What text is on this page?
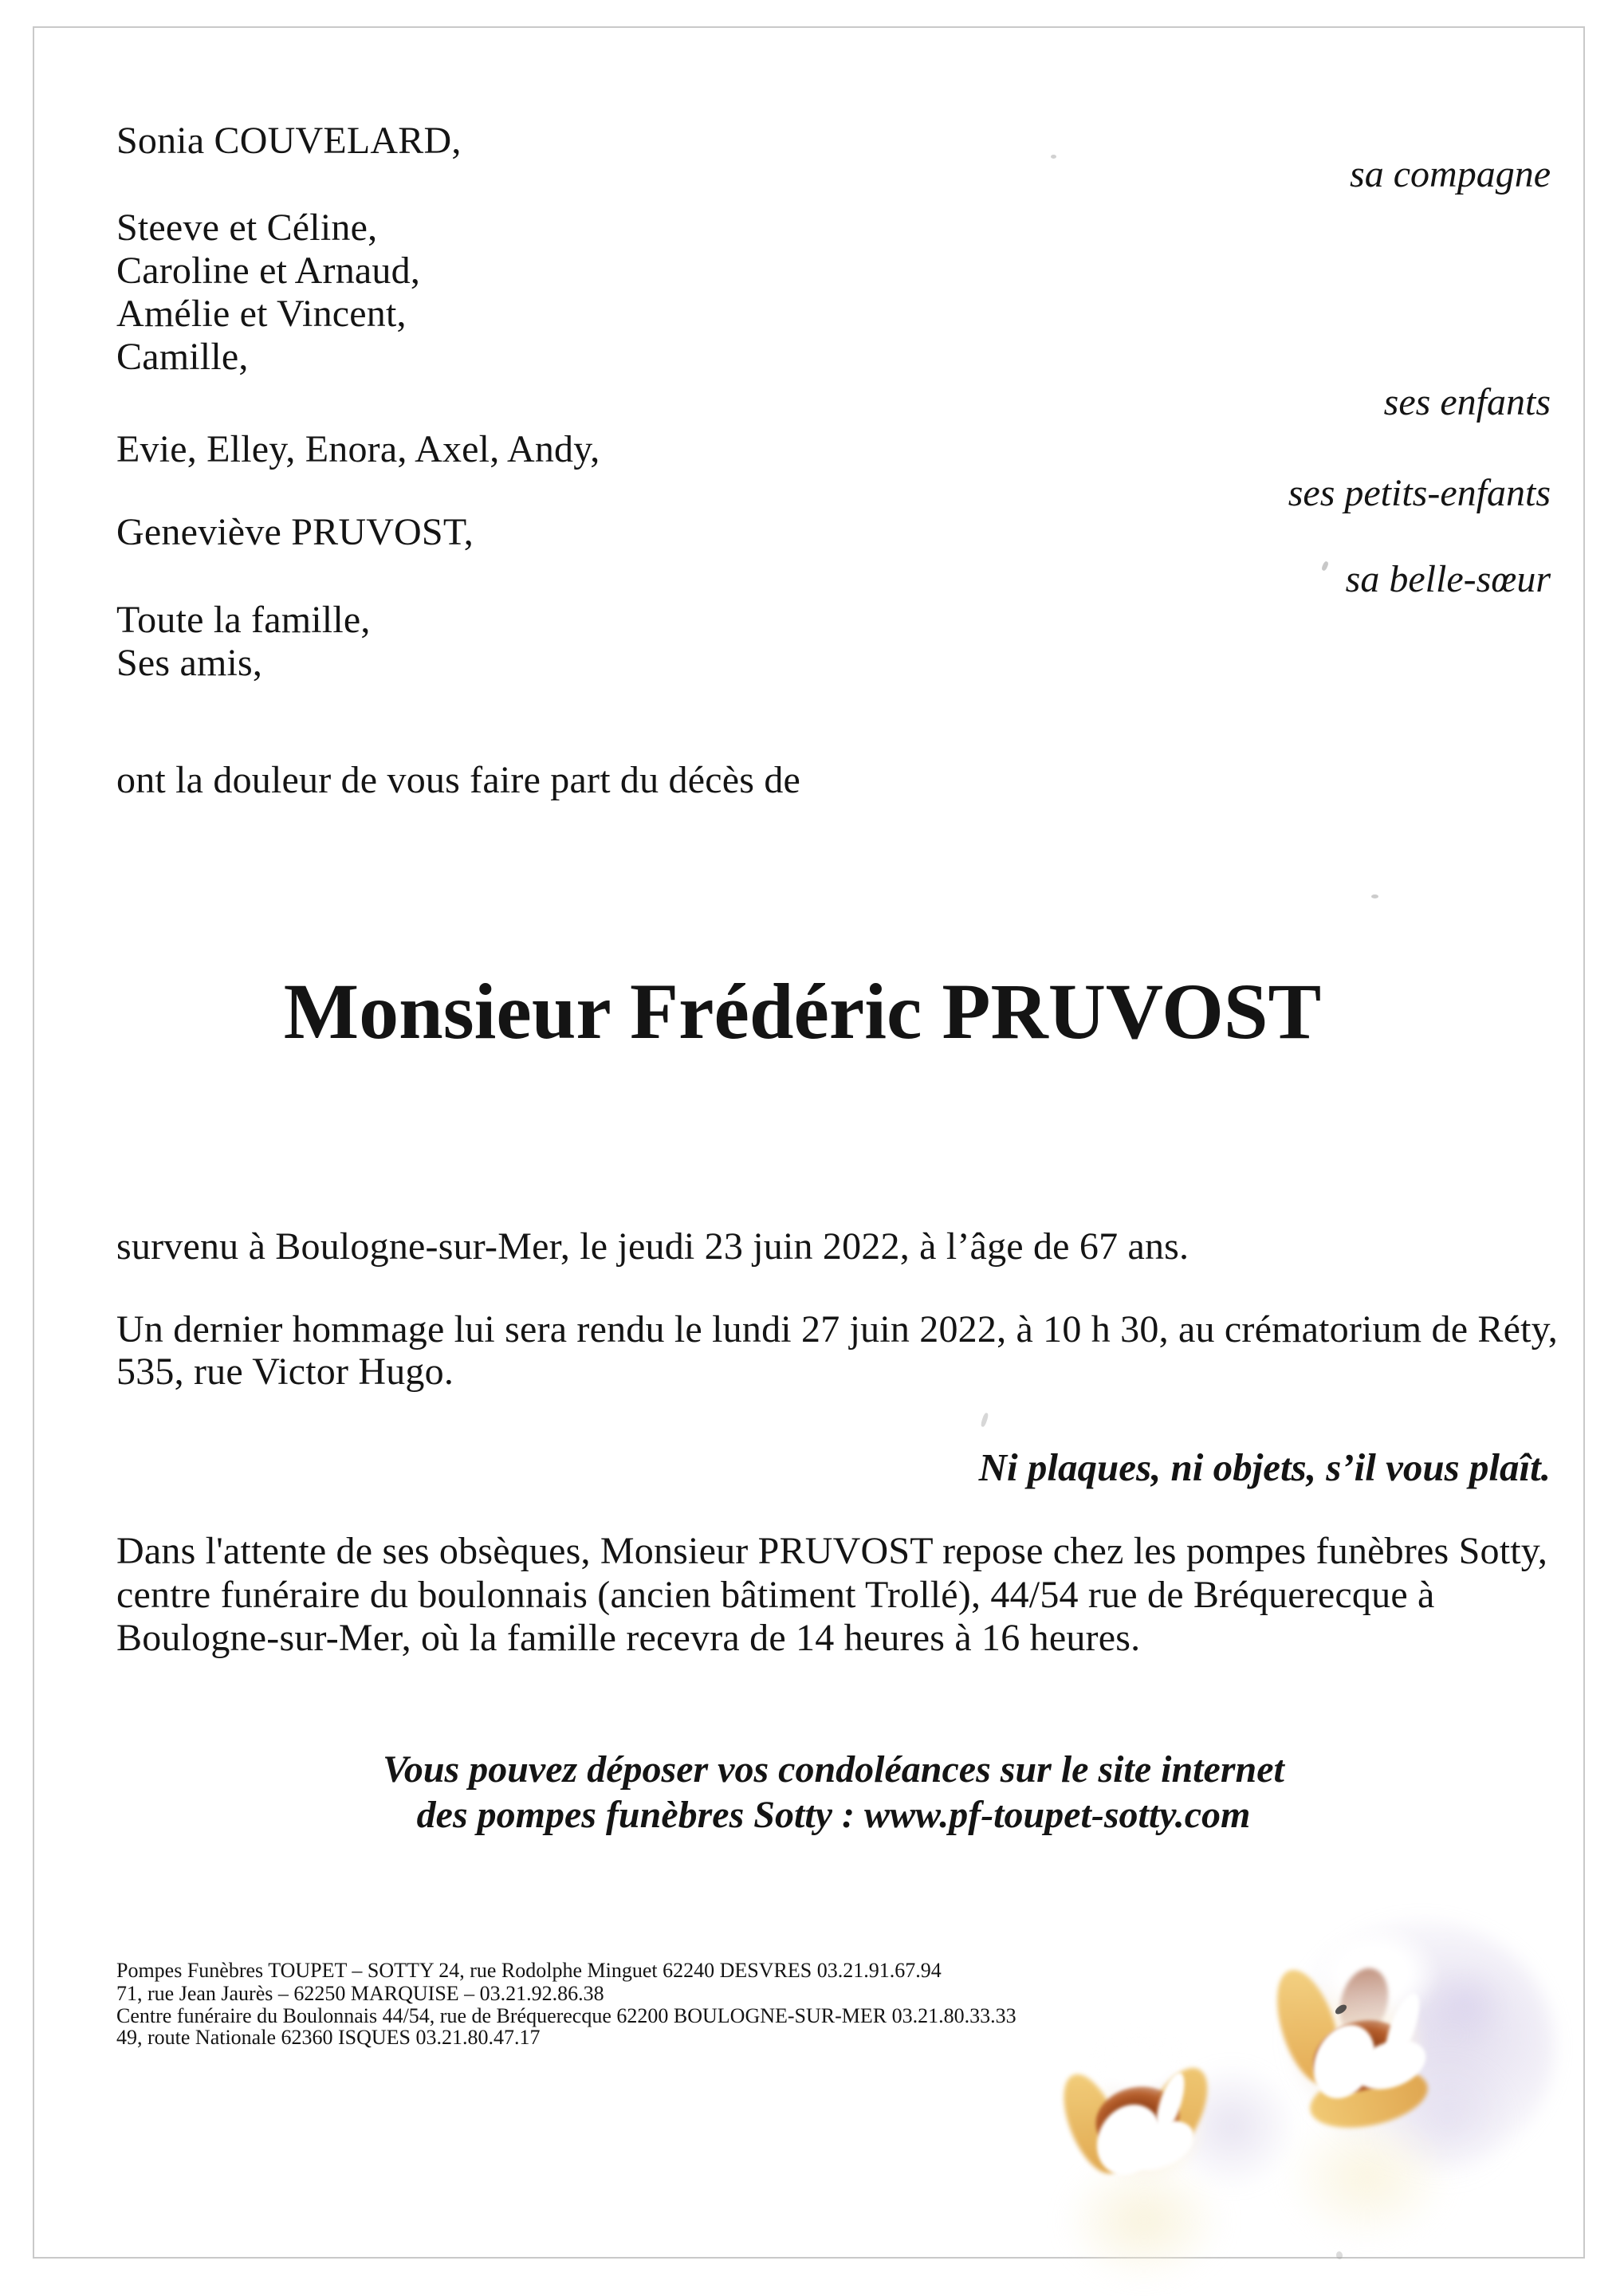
Sonia COUVELARD,
Steeve et Céline,
Caroline et Arnaud,
Amélie et Vincent,
Camille,
Evie, Elley, Enora, Axel, Andy,
Geneviève PRUVOST,
Toute la famille,
Ses amis,
sa compagne
ses enfants
ses petits-enfants
sa belle-sœur
ont la douleur de vous faire part du décès de
Monsieur Frédéric PRUVOST
survenu à Boulogne-sur-Mer, le jeudi 23 juin 2022, à l’âge de 67 ans.
Un dernier hommage lui sera rendu le lundi 27 juin 2022, à 10 h 30, au crématorium de Réty,
535, rue Victor Hugo.
Ni plaques, ni objets, s’il vous plaît.
Dans l'attente de ses obsèques, Monsieur PRUVOST repose chez les pompes funèbres Sotty,
centre funéraire du boulonnais (ancien bâtiment Trollé), 44/54 rue de Bréquerecque à
Boulogne-sur-Mer, où la famille recevra de 14 heures à 16 heures.
Vous pouvez déposer vos condoléances sur le site internet
des pompes funèbres Sotty : www.pf-toupet-sotty.com
Pompes Funèbres TOUPET – SOTTY 24, rue Rodolphe Minguet 62240 DESVRES 03.21.91.67.94
71, rue Jean Jaurès – 62250 MARQUISE – 03.21.92.86.38
Centre funéraire du Boulonnais 44/54, rue de Bréquerecque 62200 BOULOGNE-SUR-MER 03.21.80.33.33
49, route Nationale 62360 ISQUES 03.21.80.47.17
